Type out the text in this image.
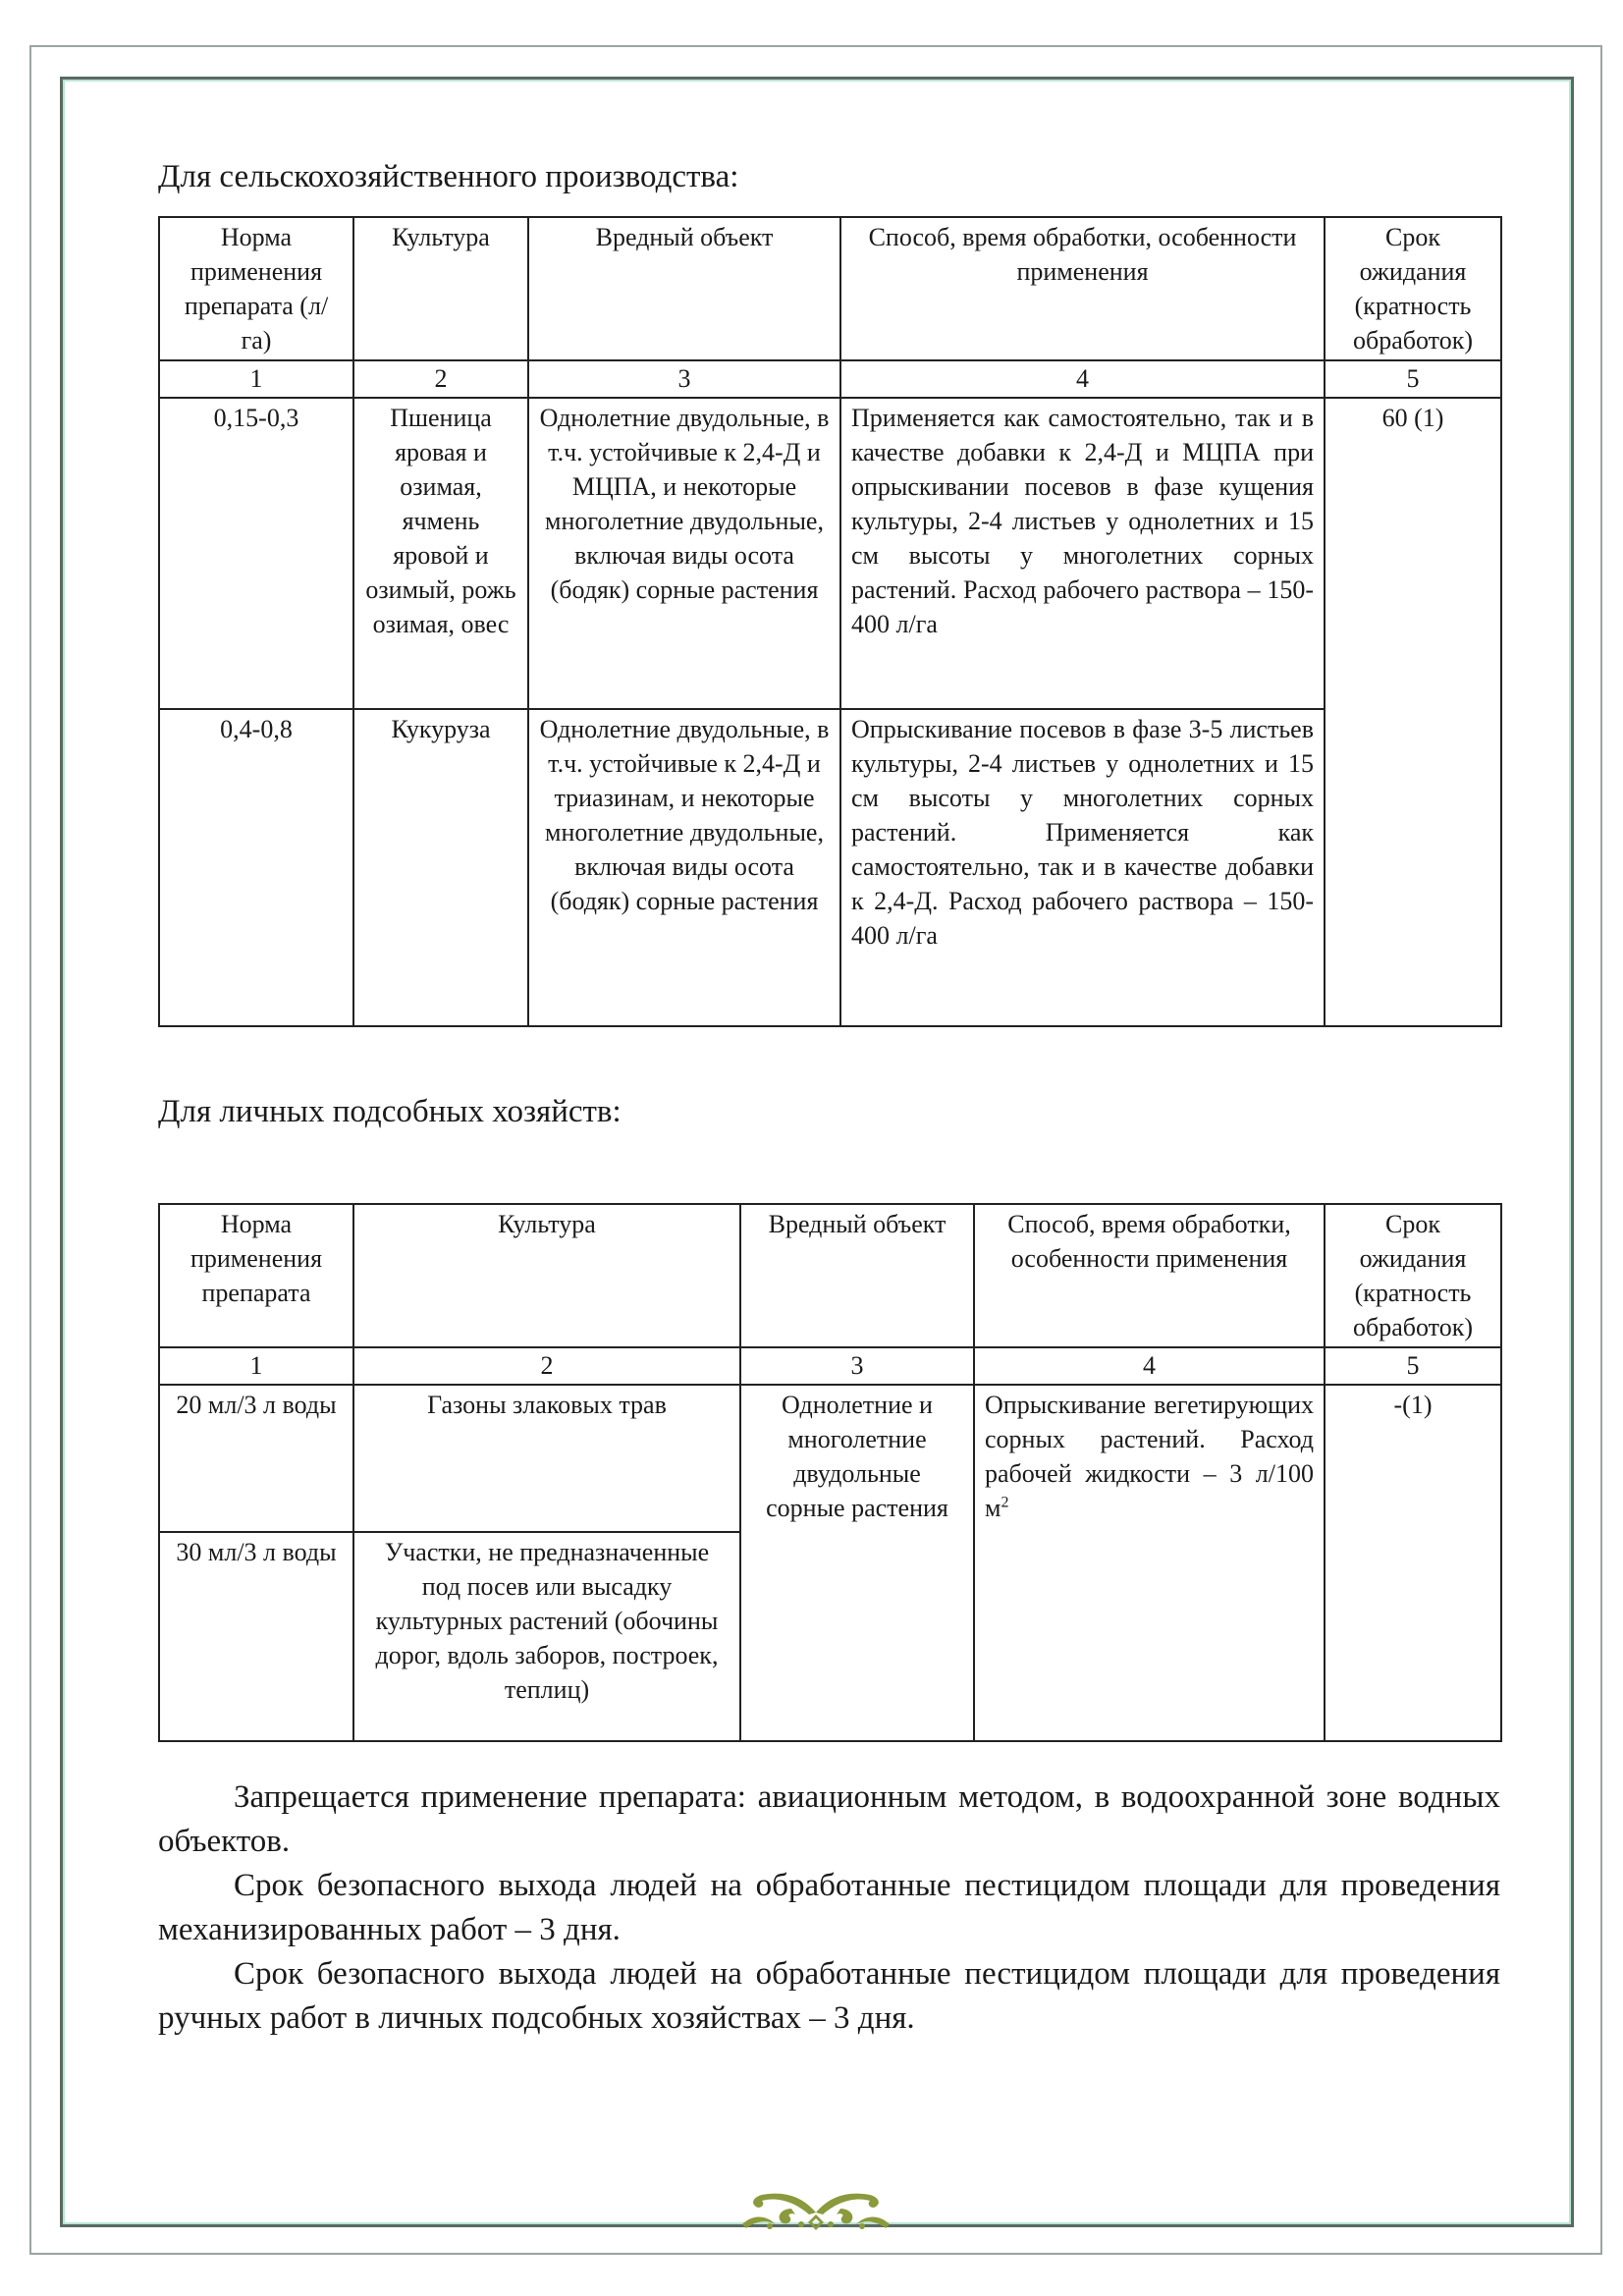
Для сельскохозяйственного производства:
Норма применения препарата (л/га)	Культура	Вредный объект	Способ, время обработки, особенности применения	Срок ожидания (кратность обработок)
1	2	3	4	5
0,15-0,3	Пшеница яровая и озимая, ячмень яровой и озимый, рожь озимая, овес	Однолетние двудольные, в т.ч. устойчивые к 2,4-Д и МЦПА, и некоторые многолетние двудольные, включая виды осота (бодяк) сорные растения	Применяется как самостоятельно, так и в качестве добавки к 2,4-Д и МЦПА при опрыскивании посевов в фазе кущения культуры, 2-4 листьев у однолетних и 15 см высоты у многолетних сорных растений. Расход рабочего раствора – 150-400 л/га	60 (1)
0,4-0,8	Кукуруза	Однолетние двудольные, в т.ч. устойчивые к 2,4-Д и триазинам, и некоторые многолетние двудольные, включая виды осота (бодяк) сорные растения	Опрыскивание посевов в фазе 3-5 листьев культуры, 2-4 листьев у однолетних и 15 см высоты у многолетних сорных растений. Применяется как самостоятельно, так и в качестве добавки к 2,4-Д. Расход рабочего раствора – 150-400 л/га	
Для личных подсобных хозяйств:
Норма применения препарата	Культура	Вредный объект	Способ, время обработки, особенности применения	Срок ожидания (кратность обработок)
1	2	3	4	5
20 мл/3 л воды	Газоны злаковых трав	Однолетние и многолетние двудольные сорные растения	Опрыскивание вегетирующих сорных растений. Расход рабочей жидкости – 3 л/100 $м^2$	-(1)
30 мл/3 л воды	Участки, не предназначенные под посев или высадку культурных растений (обочины дорог, вдоль заборов, построек, теплиц)			

Запрещается применение препарата: авиационным методом, в водоохранной зоне водных объектов.

Срок безопасного выхода людей на обработанные пестицидом площади для проведения механизированных работ – 3 дня.

Срок безопасного выхода людей на обработанные пестицидом площади для проведения ручных работ в личных подсобных хозяйствах – 3 дня.
